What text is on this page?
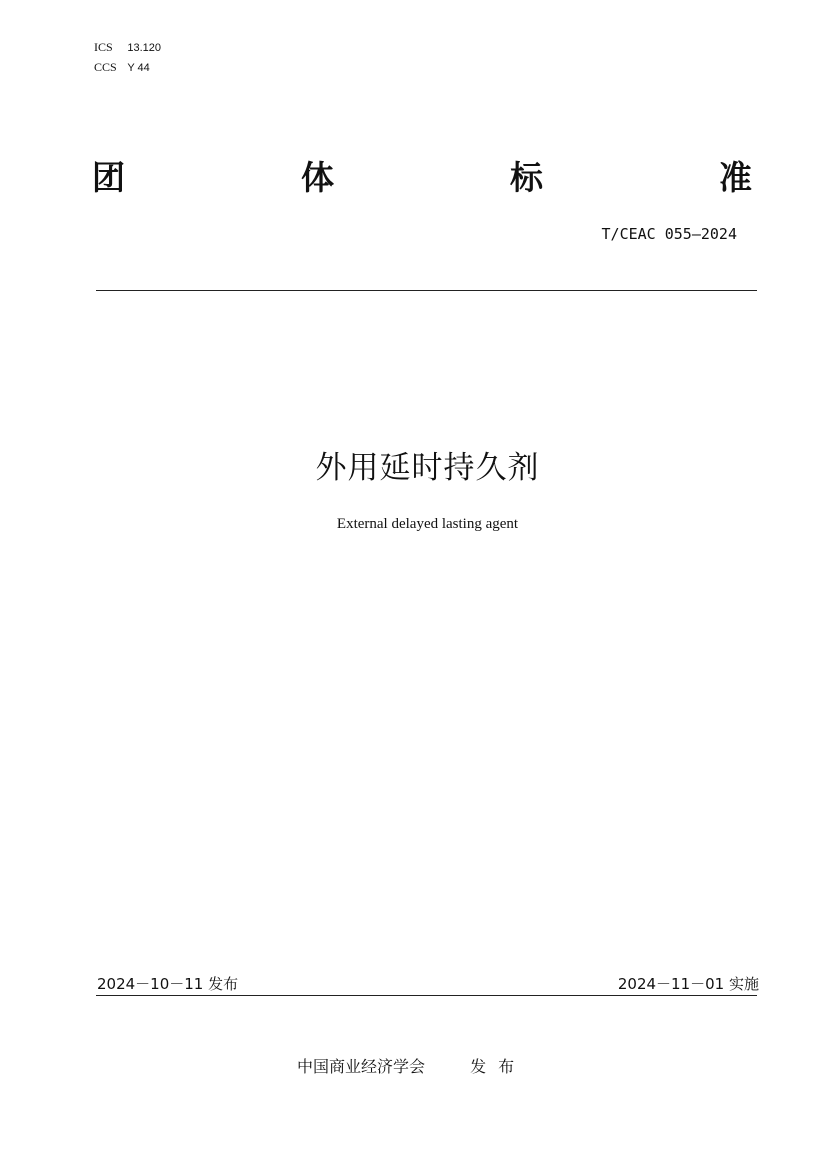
ICS 13.120
CCS Y 44
团	体	标	准
T/CEAC 055—2024
外用延时持久剂
External delayed lasting agent
2024－10－11 发布	2024－11－01 实施
中国商业经济学会	发布
